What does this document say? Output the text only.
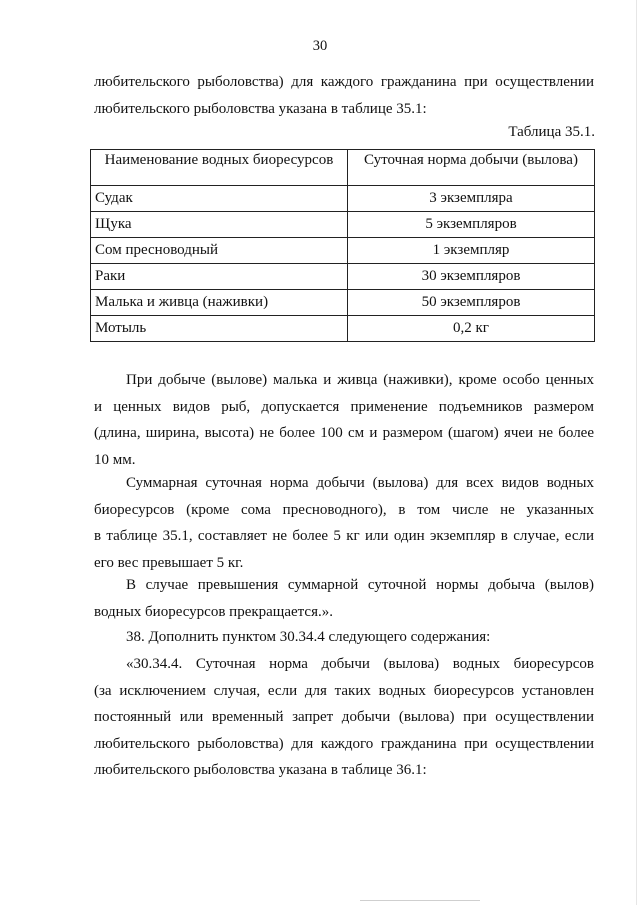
30
любительского рыболовства) для каждого гражданина при осуществлении
любительского рыболовства указана в таблице 35.1:
Таблица 35.1.
Наименование водных биоресурсов	Суточная норма добычи (вылова)
Судак	3 экземпляра
Щука	5 экземпляров
Сом пресноводный	1 экземпляр
Раки	30 экземпляров
Малька и живца (наживки)	50 экземпляров
Мотыль	0,2 кг
При добыче (вылове) малька и живца (наживки), кроме особо ценных
и ценных видов рыб, допускается применение подъемников размером
(длина, ширина, высота) не более 100 см и размером (шагом) ячеи не более
10 мм.
Суммарная суточная норма добычи (вылова) для всех видов водных
биоресурсов (кроме сома пресноводного), в том числе не указанных
в таблице 35.1, составляет не более 5 кг или один экземпляр в случае, если
его вес превышает 5 кг.
В случае превышения суммарной суточной нормы добыча (вылов)
водных биоресурсов прекращается.».
38. Дополнить пунктом 30.34.4 следующего содержания:
«30.34.4. Суточная норма добычи (вылова) водных биоресурсов
(за исключением случая, если для таких водных биоресурсов установлен
постоянный или временный запрет добычи (вылова) при осуществлении
любительского рыболовства) для каждого гражданина при осуществлении
любительского рыболовства указана в таблице 36.1:
